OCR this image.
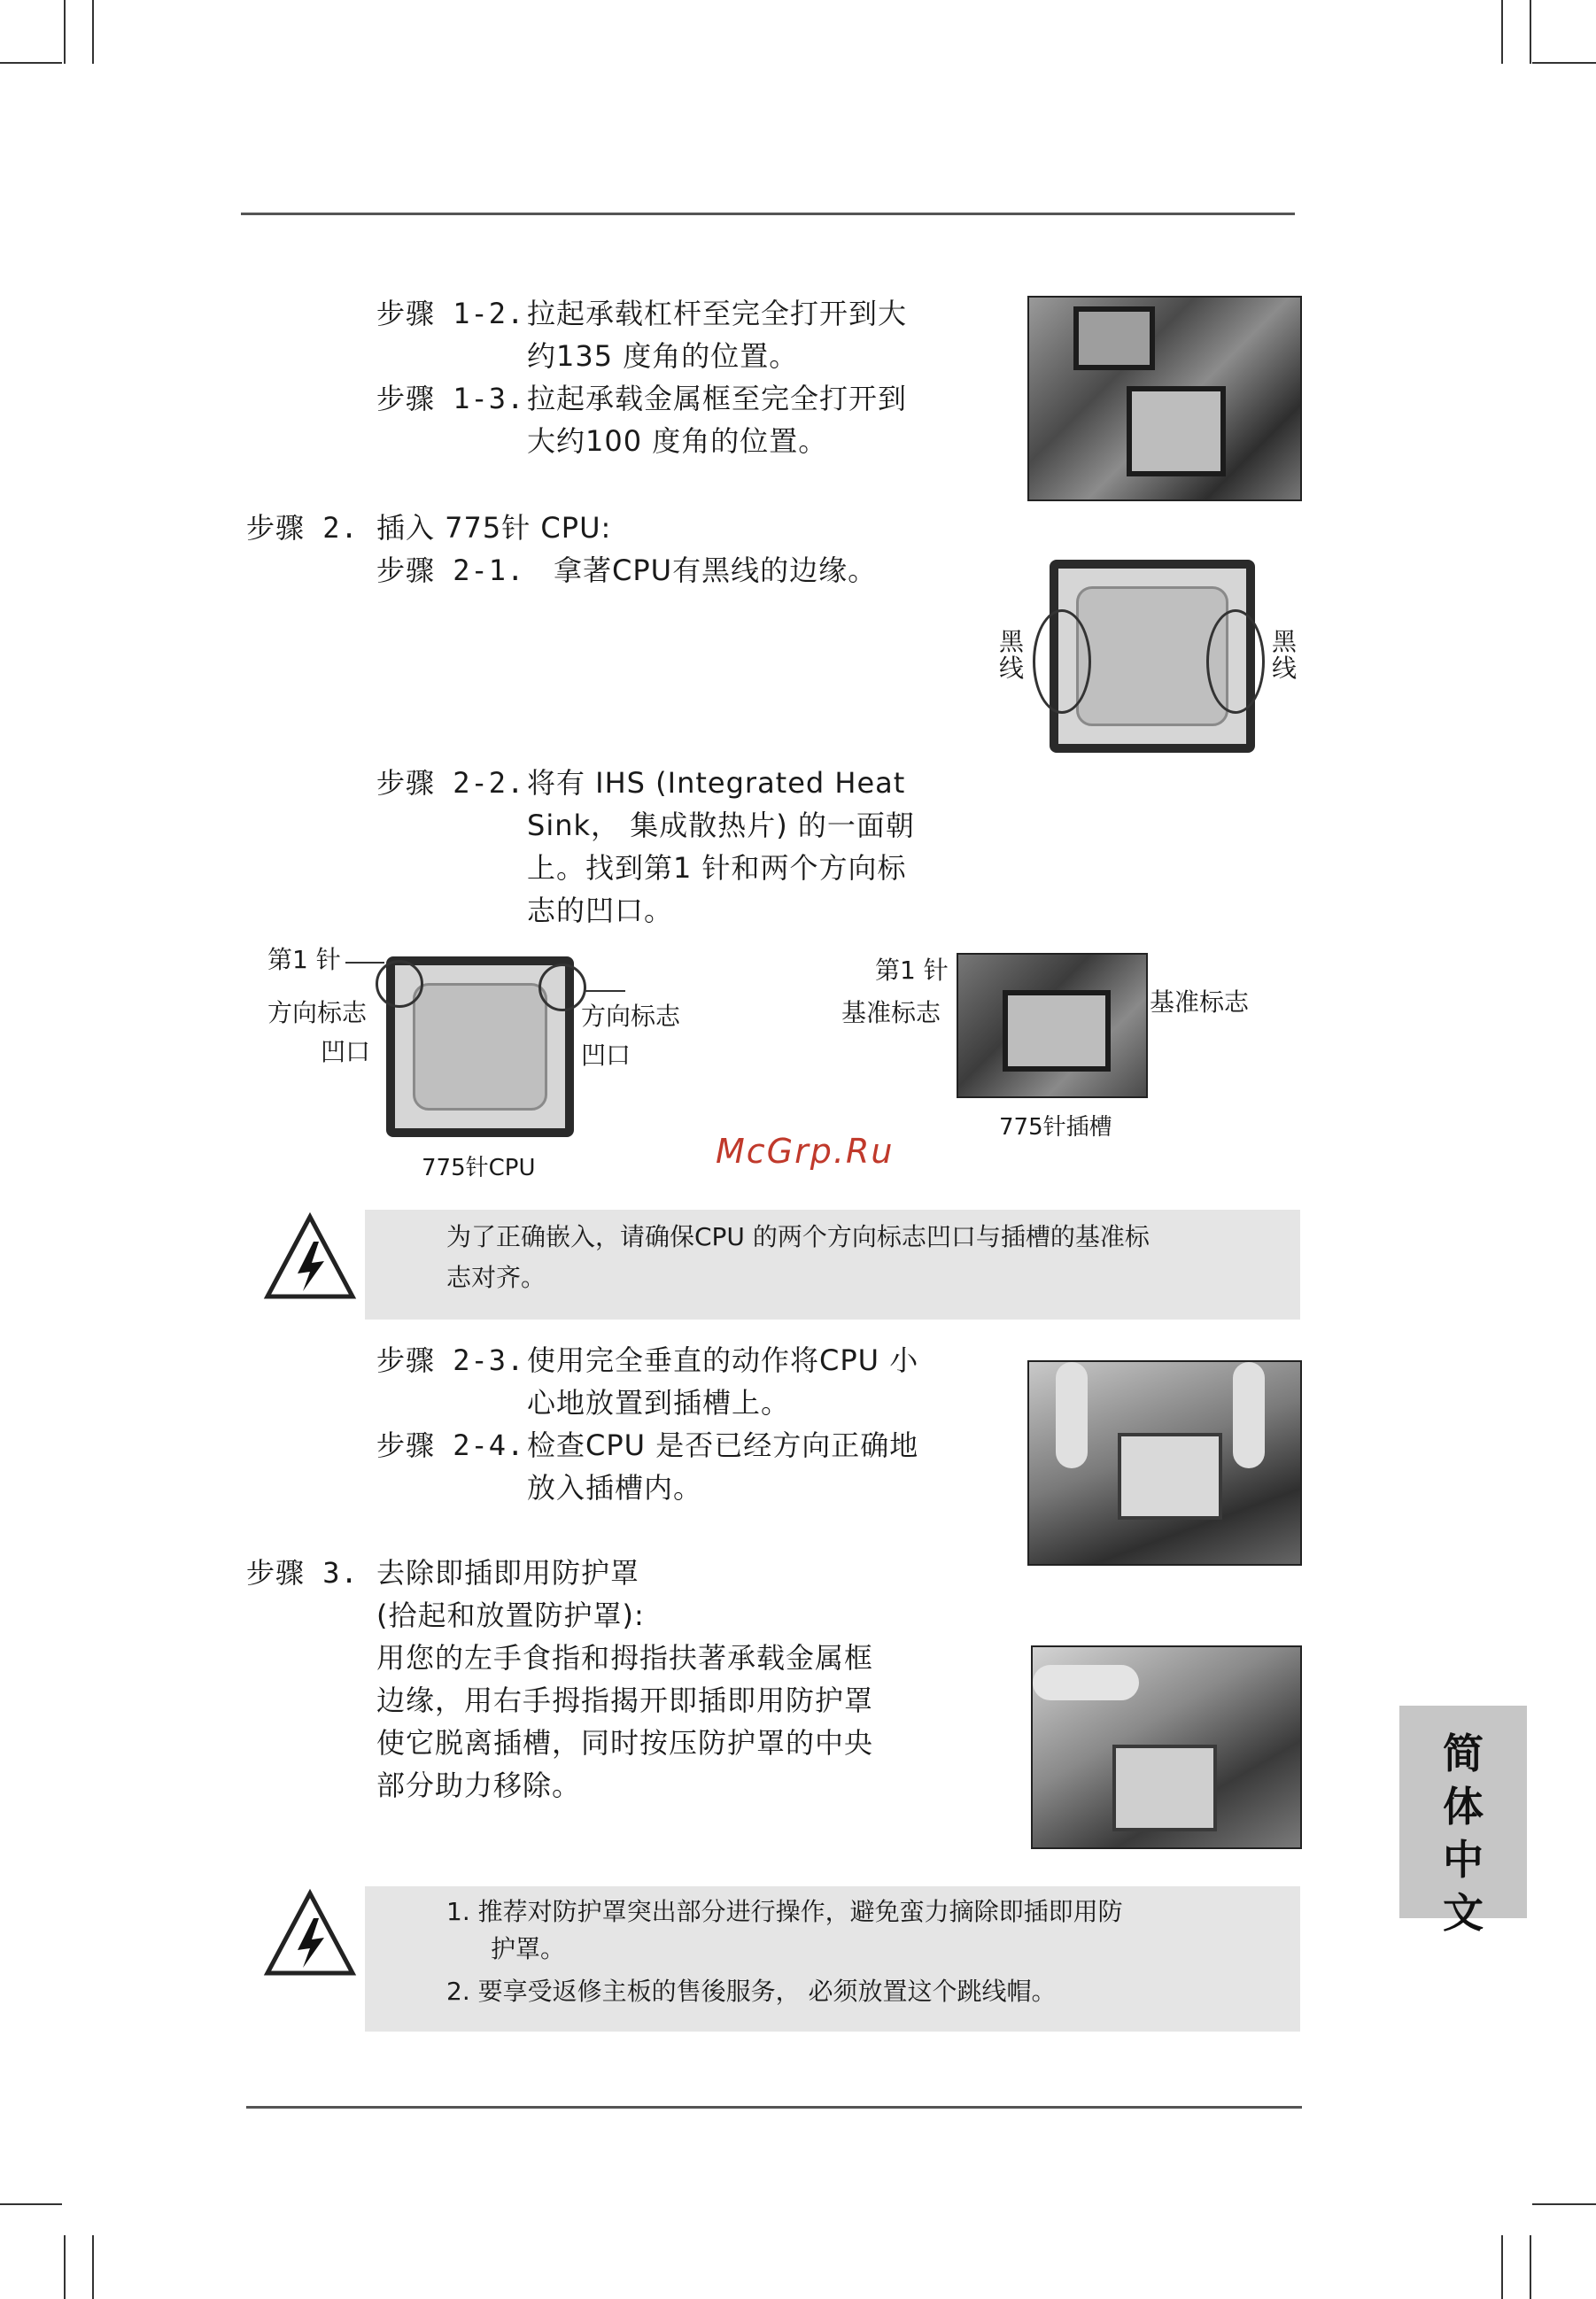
步骤 1-2. 拉起承载杠杆至完全打开到大
约135 度角的位置。
步骤 1-3. 拉起承载金属框至完全打开到
大约100 度角的位置。
步骤 2. 插入 775针 CPU:
步骤 2-1. 拿著CPU有黑线的边缘。
黑线
黑线
步骤 2-2. 将有 IHS (Integrated Heat
Sink， 集成散热片) 的一面朝
上。找到第1 针和两个方向标
志的凹口。
第1 针
方向标志
凹口
方向标志
凹口
775针CPU
第1 针
基准标志	基准标志
775针插槽
McGrp.Ru
为了正确嵌入，请确保CPU 的两个方向标志凹口与插槽的基准标
志对齐。
步骤 2-3. 使用完全垂直的动作将CPU 小
心地放置到插槽上。
步骤 2-4. 检查CPU 是否已经方向正确地
放入插槽内。
步骤 3. 去除即插即用防护罩
(拾起和放置防护罩):
用您的左手食指和拇指扶著承载金属框
边缘，用右手拇指揭开即插即用防护罩
使它脱离插槽，同时按压防护罩的中央
部分助力移除。
1. 推荐对防护罩突出部分进行操作，避免蛮力摘除即插即用防
护罩。
2. 要享受返修主板的售後服务， 必须放置这个跳线帽。
简
体
中
文
